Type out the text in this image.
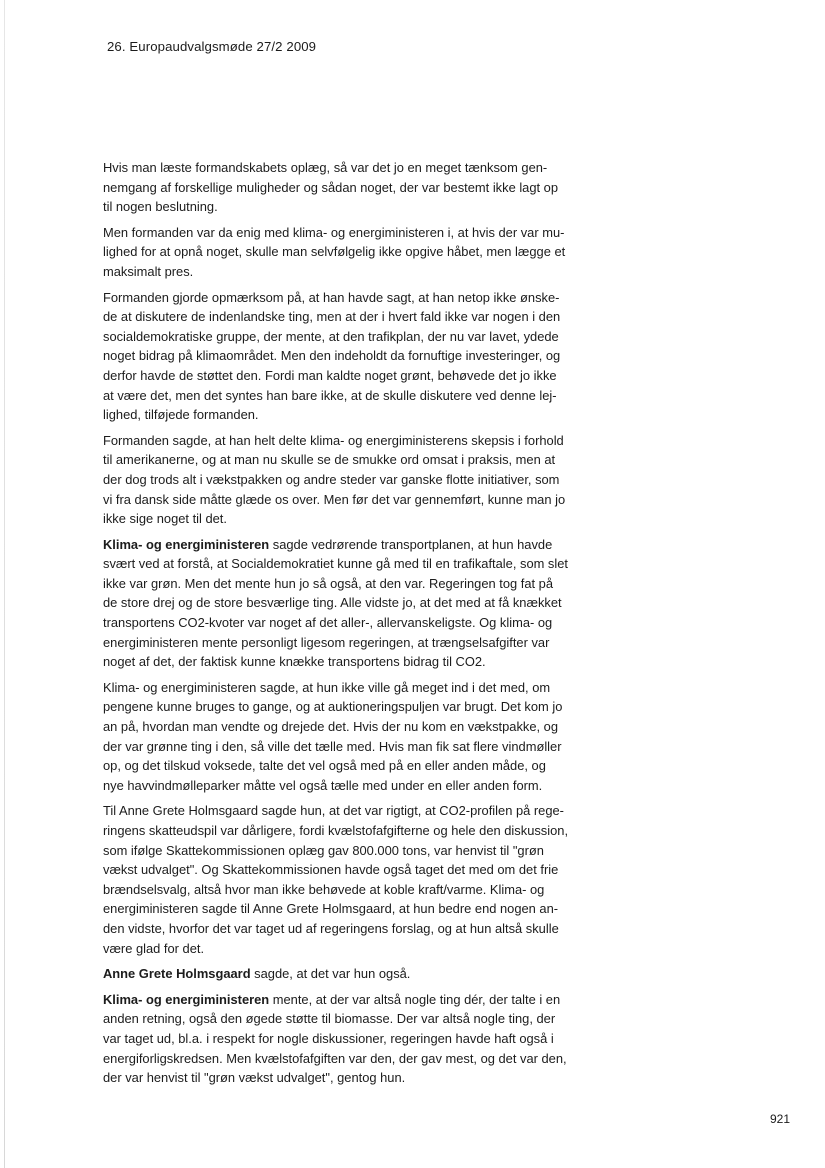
26. Europaudvalgsmøde 27/2 2009
Hvis man læste formandskabets oplæg, så var det jo en meget tænksom gen-
nemgang af forskellige muligheder og sådan noget, der var bestemt ikke lagt op
til nogen beslutning.
Men formanden var da enig med klima- og energiministeren i, at hvis der var mu-
lighed for at opnå noget, skulle man selvfølgelig ikke opgive håbet, men lægge et
maksimalt pres.
Formanden gjorde opmærksom på, at han havde sagt, at han netop ikke ønske-
de at diskutere de indenlandske ting, men at der i hvert fald ikke var nogen i den
socialdemokratiske gruppe, der mente, at den trafikplan, der nu var lavet, ydede
noget bidrag på klimaområdet. Men den indeholdt da fornuftige investeringer, og
derfor havde de støttet den. Fordi man kaldte noget grønt, behøvede det jo ikke
at være det, men det syntes han bare ikke, at de skulle diskutere ved denne lej-
lighed, tilføjede formanden.
Formanden sagde, at han helt delte klima- og energiministerens skepsis i forhold
til amerikanerne, og at man nu skulle se de smukke ord omsat i praksis, men at
der dog trods alt i vækstpakken og andre steder var ganske flotte initiativer, som
vi fra dansk side måtte glæde os over. Men før det var gennemført, kunne man jo
ikke sige noget til det.
Klima- og energiministeren sagde vedrørende transportplanen, at hun havde
svært ved at forstå, at Socialdemokratiet kunne gå med til en trafikaftale, som slet
ikke var grøn. Men det mente hun jo så også, at den var. Regeringen tog fat på
de store drej og de store besværlige ting. Alle vidste jo, at det med at få knækket
transportens CO2-kvoter var noget af det aller-, allervanskeligste. Og klima- og
energiministeren mente personligt ligesom regeringen, at trængselsafgifter var
noget af det, der faktisk kunne knække transportens bidrag til CO2.
Klima- og energiministeren sagde, at hun ikke ville gå meget ind i det med, om
pengene kunne bruges to gange, og at auktioneringspuljen var brugt. Det kom jo
an på, hvordan man vendte og drejede det. Hvis der nu kom en vækstpakke, og
der var grønne ting i den, så ville det tælle med. Hvis man fik sat flere vindmøller
op, og det tilskud voksede, talte det vel også med på en eller anden måde, og
nye havvindmølleparker måtte vel også tælle med under en eller anden form.
Til Anne Grete Holmsgaard sagde hun, at det var rigtigt, at CO2-profilen på rege-
ringens skatteudspil var dårligere, fordi kvælstofafgifterne og hele den diskussion,
som ifølge Skattekommissionen oplæg gav 800.000 tons, var henvist til "grøn
vækst udvalget". Og Skattekommissionen havde også taget det med om det frie
brændselsvalg, altså hvor man ikke behøvede at koble kraft/varme. Klima- og
energiministeren sagde til Anne Grete Holmsgaard, at hun bedre end nogen an-
den vidste, hvorfor det var taget ud af regeringens forslag, og at hun altså skulle
være glad for det.
Anne Grete Holmsgaard sagde, at det var hun også.
Klima- og energiministeren mente, at der var altså nogle ting dér, der talte i en
anden retning, også den øgede støtte til biomasse. Der var altså nogle ting, der
var taget ud, bl.a. i respekt for nogle diskussioner, regeringen havde haft også i
energiforligskredsen. Men kvælstofafgiften var den, der gav mest, og det var den,
der var henvist til "grøn vækst udvalget", gentog hun.
921
